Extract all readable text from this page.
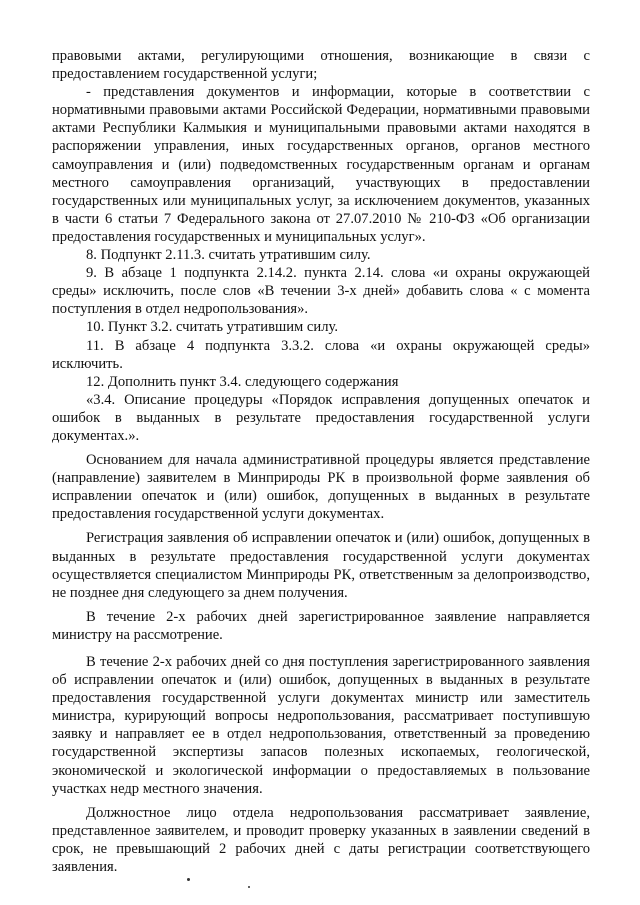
правовыми актами, регулирующими отношения, возникающие в связи с предоставлением государственной услуги;

- представления документов и информации, которые в соответствии с нормативными правовыми актами Российской Федерации, нормативными правовыми актами Республики Калмыкия и муниципальными правовыми актами находятся в распоряжении управления, иных государственных органов, органов местного самоуправления и (или) подведомственных государственным органам и органам местного самоуправления организаций, участвующих в предоставлении государственных или муниципальных услуг, за исключением документов, указанных в части 6 статьи 7 Федерального закона от 27.07.2010 № 210-ФЗ «Об организации предоставления государственных и муниципальных услуг».

8. Подпункт 2.11.3. считать утратившим силу.

9. В абзаце 1 подпункта 2.14.2. пункта 2.14. слова «и охраны окружающей среды» исключить, после слов «В течении 3-х дней» добавить слова « с момента поступления в отдел недропользования».

10. Пункт 3.2. считать утратившим силу.

11. В абзаце 4 подпункта 3.3.2. слова «и охраны окружающей среды» исключить.

12. Дополнить пункт 3.4. следующего содержания

«3.4. Описание процедуры «Порядок исправления допущенных опечаток и ошибок в выданных в результате предоставления государственной услуги документах.».

Основанием для начала административной процедуры является представление (направление) заявителем в Минприроды РК в произвольной форме заявления об исправлении опечаток и (или) ошибок, допущенных в выданных в результате предоставления государственной услуги документах.

Регистрация заявления об исправлении опечаток и (или) ошибок, допущенных в выданных в результате предоставления государственной услуги документах осуществляется специалистом Минприроды РК, ответственным за делопроизводство, не позднее дня следующего за днем получения.

В течение 2-х рабочих дней зарегистрированное заявление направляется министру на рассмотрение.

В течение 2-х рабочих дней со дня поступления зарегистрированного заявления об исправлении опечаток и (или) ошибок, допущенных в выданных в результате предоставления государственной услуги документах министр или заместитель министра, курирующий вопросы недропользования, рассматривает поступившую заявку и направляет ее в отдел недропользования, ответственный за проведению государственной экспертизы запасов полезных ископаемых, геологической, экономической и экологической информации о предоставляемых в пользование участках недр местного значения.

Должностное лицо отдела недропользования рассматривает заявление, представленное заявителем, и проводит проверку указанных в заявлении сведений в срок, не превышающий 2 рабочих дней с даты регистрации соответствующего заявления.
